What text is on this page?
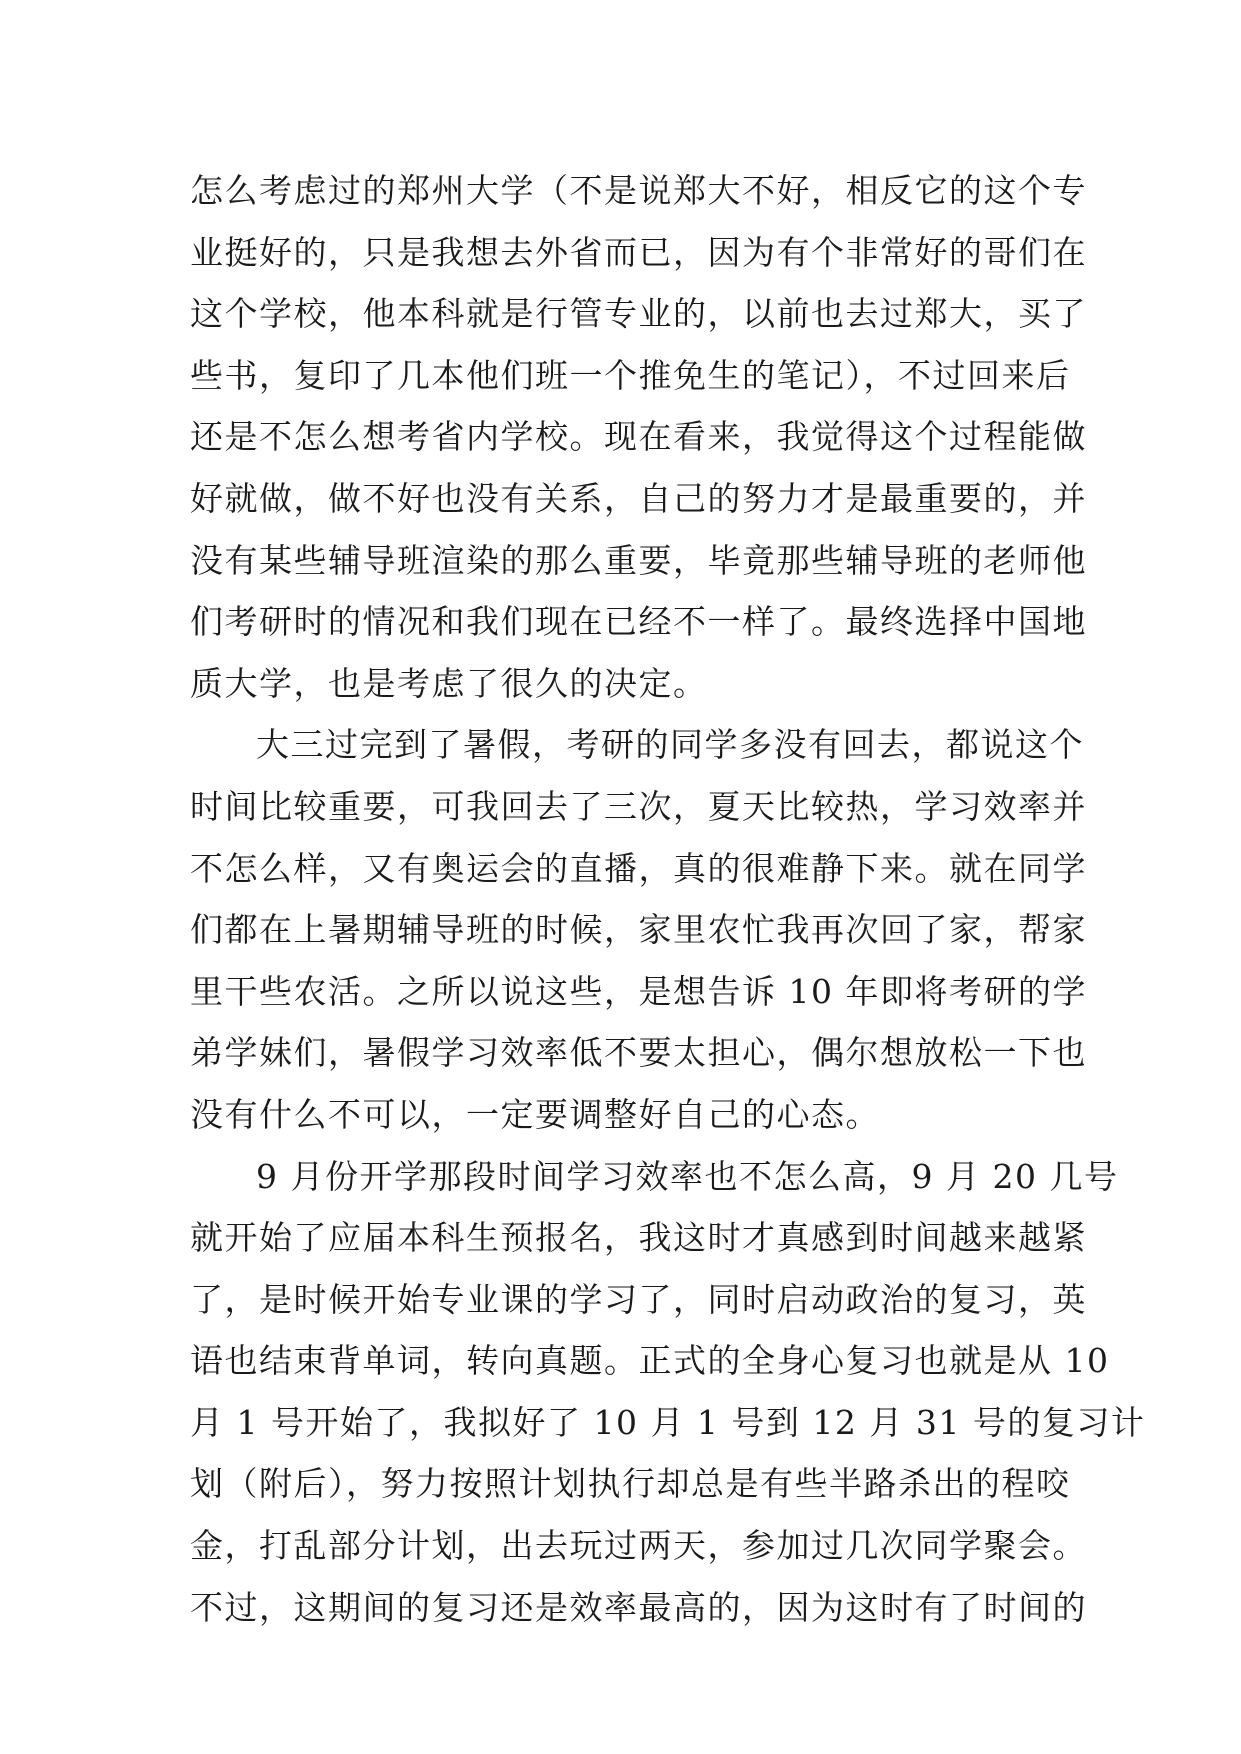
怎么考虑过的郑州大学（不是说郑大不好，相反它的这个专
业挺好的，只是我想去外省而已，因为有个非常好的哥们在
这个学校，他本科就是行管专业的，以前也去过郑大，买了
些书，复印了几本他们班一个推免生的笔记），不过回来后
还是不怎么想考省内学校。现在看来，我觉得这个过程能做
好就做，做不好也没有关系，自己的努力才是最重要的，并
没有某些辅导班渲染的那么重要，毕竟那些辅导班的老师他
们考研时的情况和我们现在已经不一样了。最终选择中国地
质大学，也是考虑了很久的决定。
大三过完到了暑假，考研的同学多没有回去，都说这个
时间比较重要，可我回去了三次，夏天比较热，学习效率并
不怎么样，又有奥运会的直播，真的很难静下来。就在同学
们都在上暑期辅导班的时候，家里农忙我再次回了家，帮家
里干些农活。之所以说这些，是想告诉 10 年即将考研的学
弟学妹们，暑假学习效率低不要太担心，偶尔想放松一下也
没有什么不可以，一定要调整好自己的心态。
9 月份开学那段时间学习效率也不怎么高，9 月 20 几号
就开始了应届本科生预报名，我这时才真感到时间越来越紧
了，是时候开始专业课的学习了，同时启动政治的复习，英
语也结束背单词，转向真题。正式的全身心复习也就是从 10
月 1 号开始了，我拟好了 10 月 1 号到 12 月 31 号的复习计
划（附后），努力按照计划执行却总是有些半路杀出的程咬
金，打乱部分计划，出去玩过两天，参加过几次同学聚会。
不过，这期间的复习还是效率最高的，因为这时有了时间的
